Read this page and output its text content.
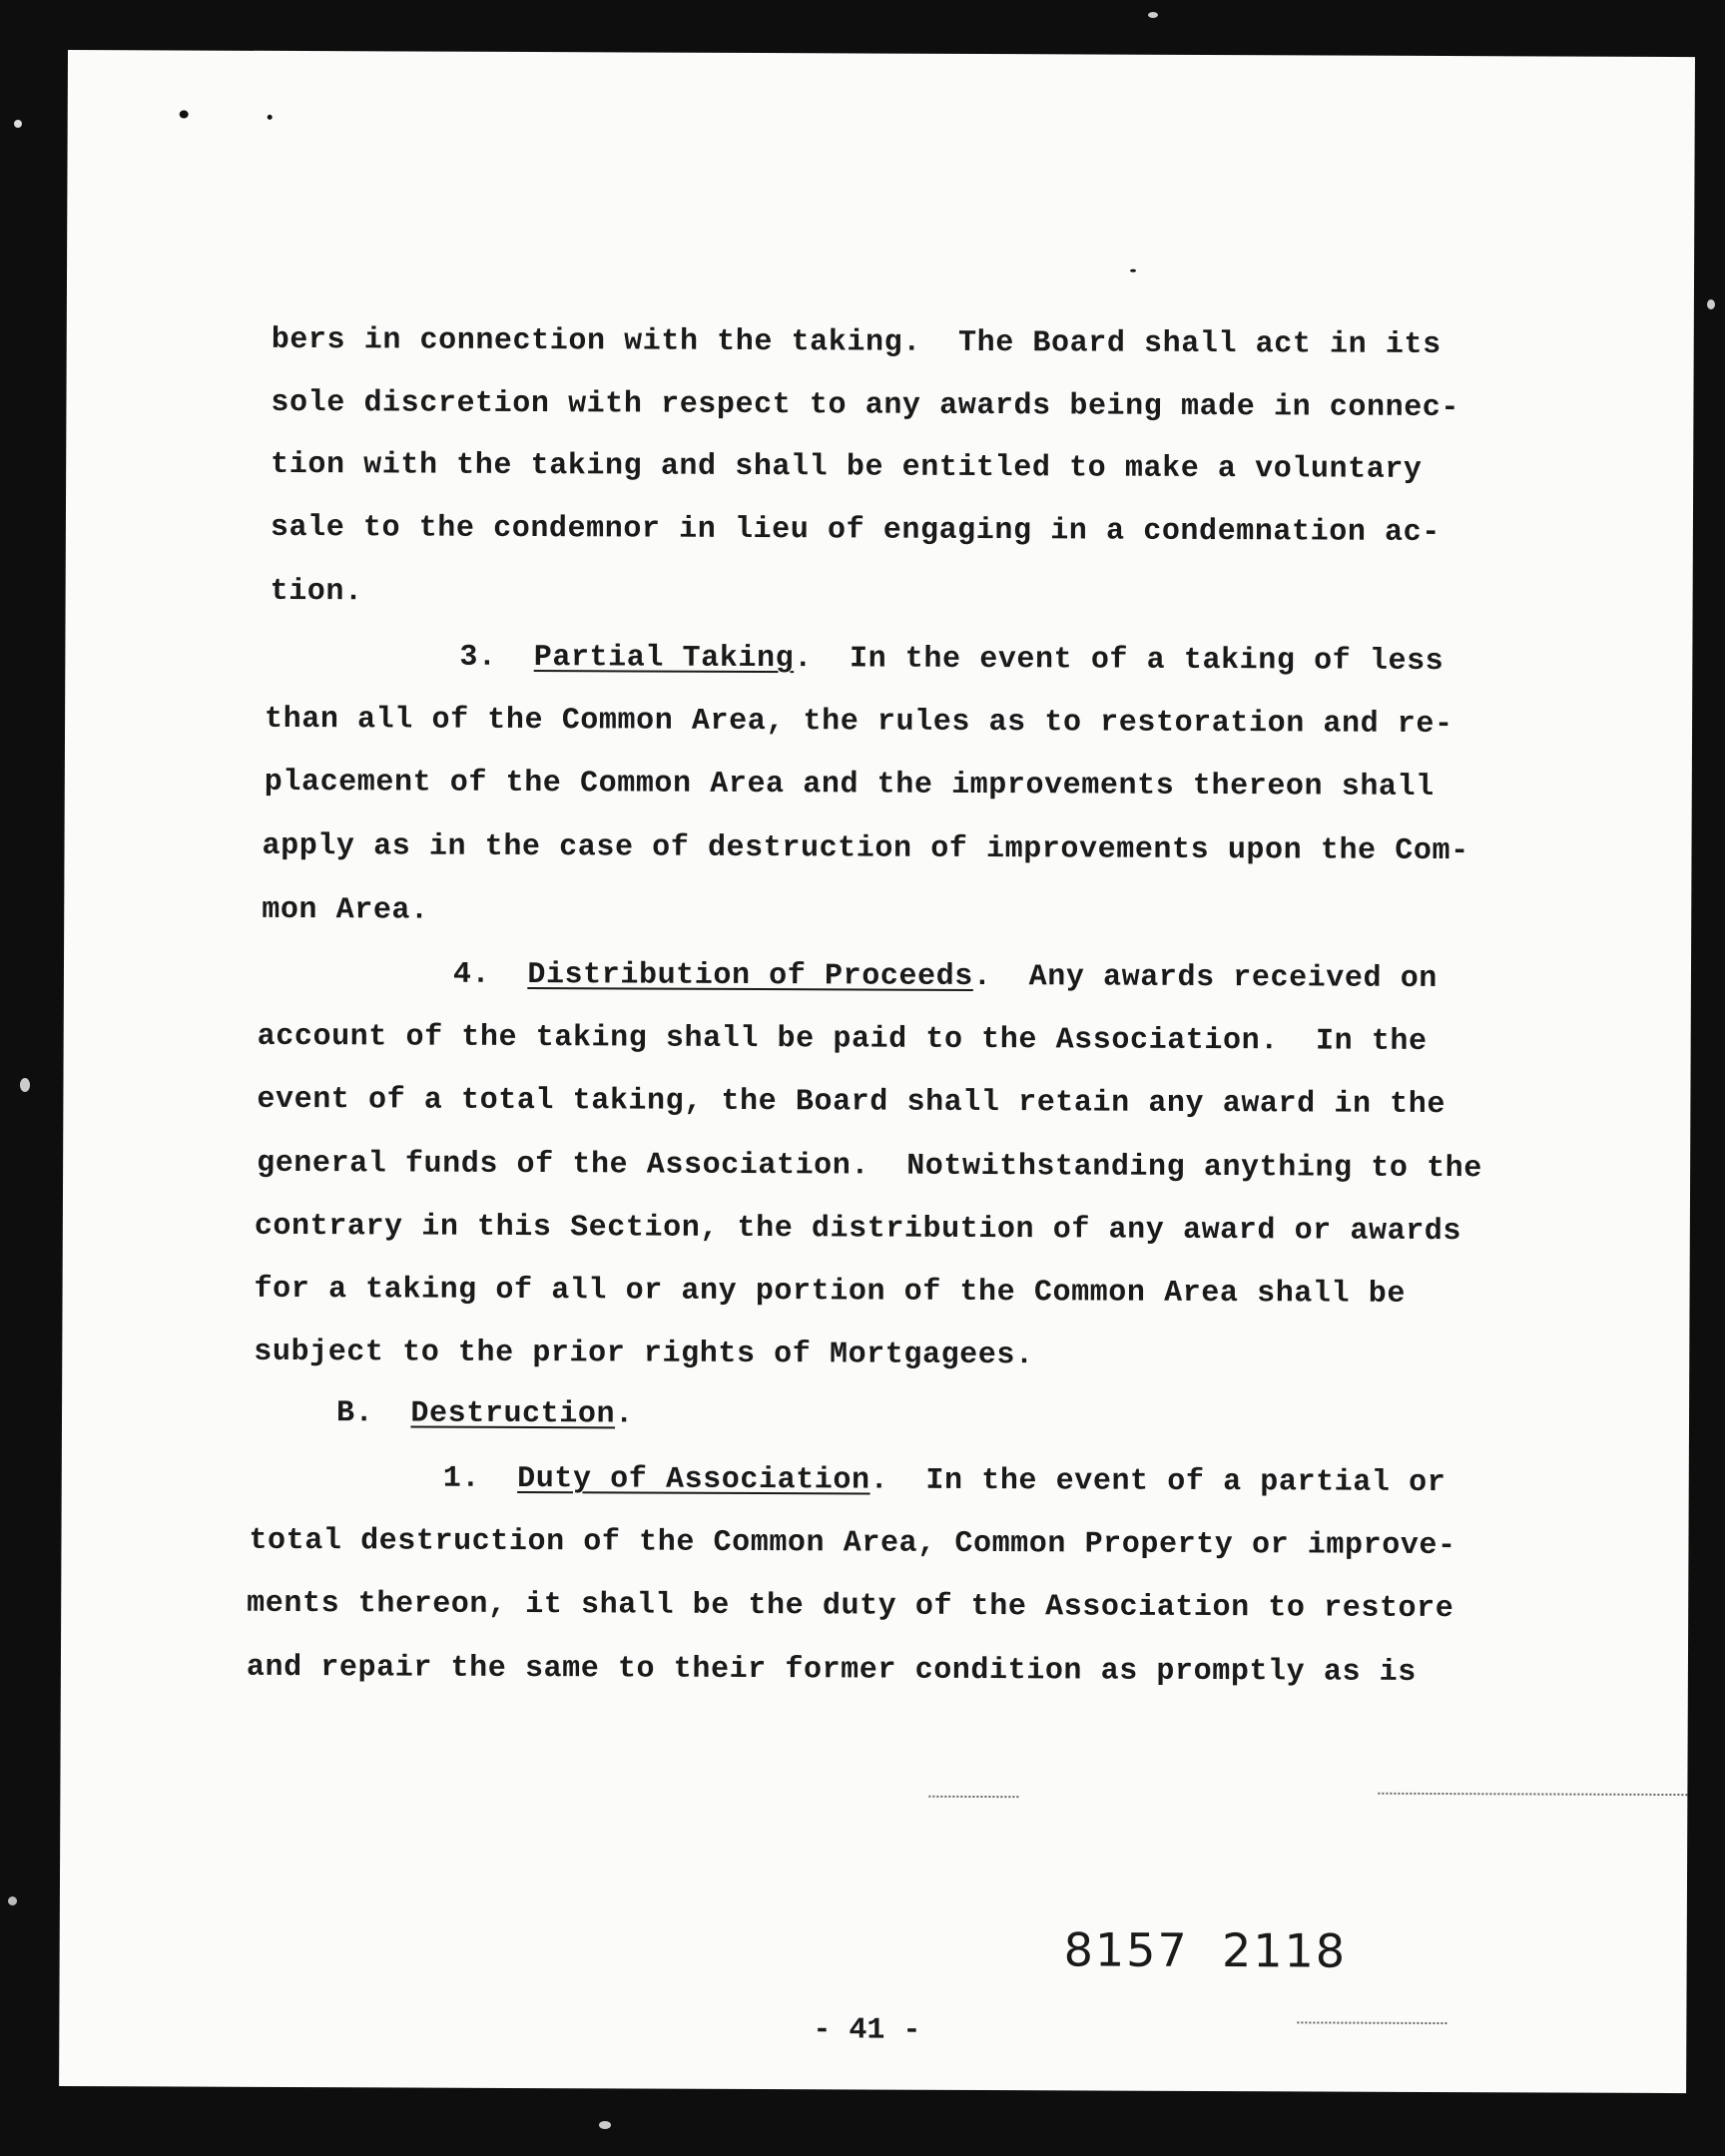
bers in connection with the taking.  The Board shall act in its
sole discretion with respect to any awards being made in connec-
tion with the taking and shall be entitled to make a voluntary
sale to the condemnor in lieu of engaging in a condemnation ac-
tion.
3.  Partial Taking.  In the event of a taking of less
than all of the Common Area, the rules as to restoration and re-
placement of the Common Area and the improvements thereon shall
apply as in the case of destruction of improvements upon the Com-
mon Area.
4.  Distribution of Proceeds.  Any awards received on
account of the taking shall be paid to the Association.  In the
event of a total taking, the Board shall retain any award in the
general funds of the Association.  Notwithstanding anything to the
contrary in this Section, the distribution of any award or awards
for a taking of all or any portion of the Common Area shall be
subject to the prior rights of Mortgagees.
B.  Destruction.
1.  Duty of Association.  In the event of a partial or
total destruction of the Common Area, Common Property or improve-
ments thereon, it shall be the duty of the Association to restore
and repair the same to their former condition as promptly as is
8157  2118
- 41 -
